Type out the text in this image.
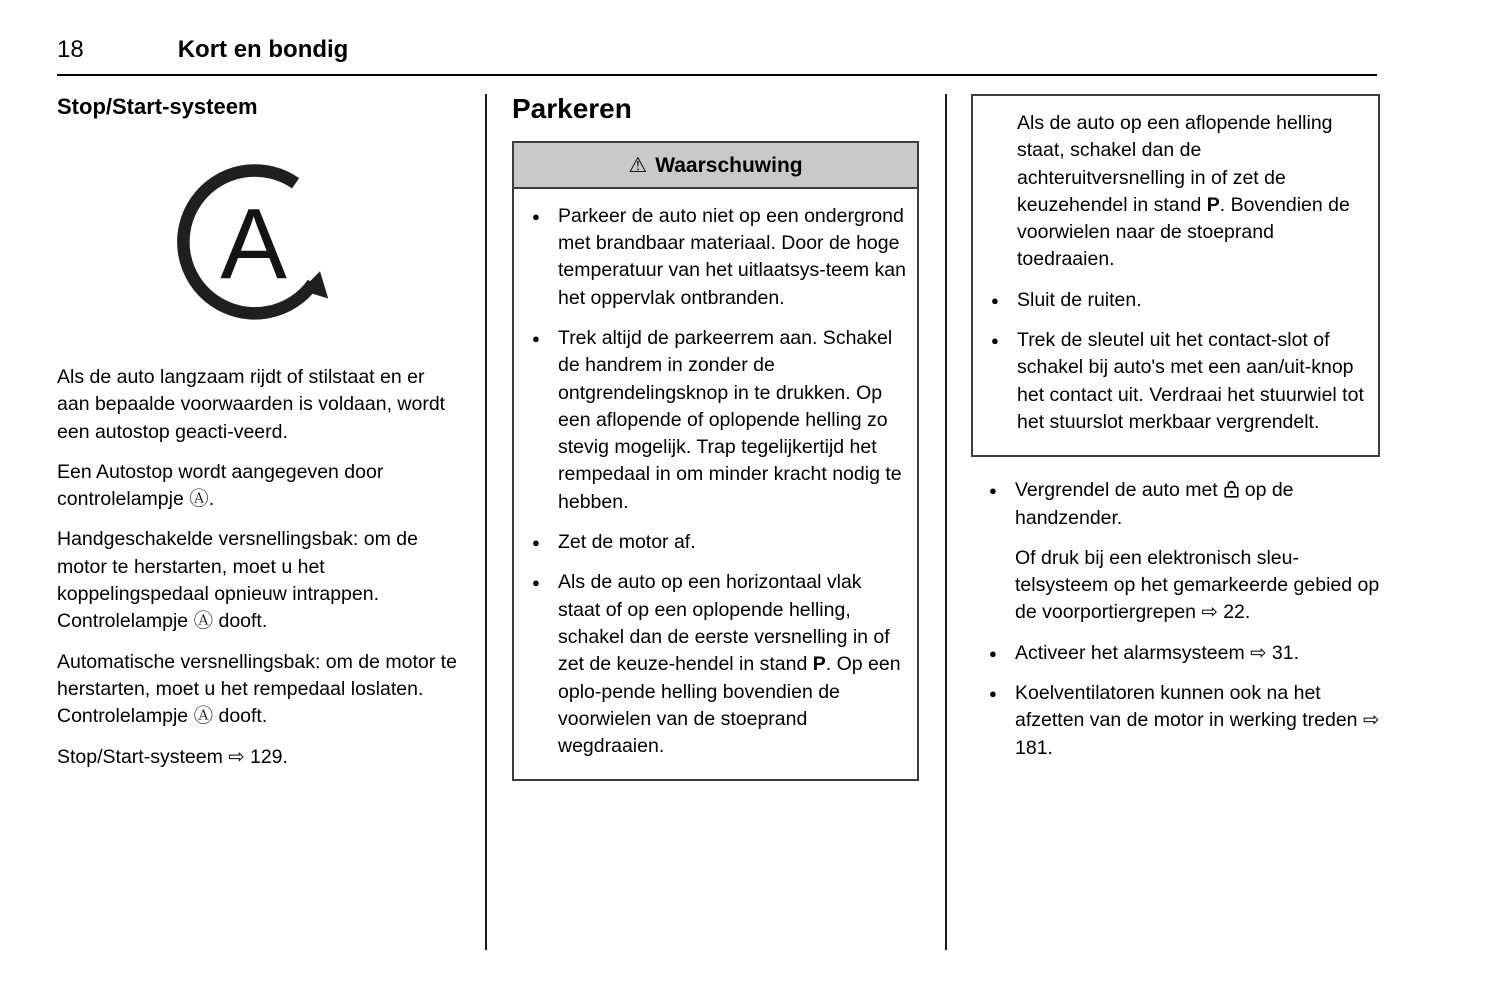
18	Kort en bondig
Stop/Start-systeem
A

Als de auto langzaam rijdt of stilstaat en er aan bepaalde voorwaarden is voldaan, wordt een autostop geacti-veerd.

Een Autostop wordt aangegeven door controlelampje Ⓐ.

Handgeschakelde versnellingsbak: om de motor te herstarten, moet u het koppelingspedaal opnieuw intrappen. Controlelampje Ⓐ dooft.

Automatische versnellingsbak: om de motor te herstarten, moet u het rempedaal loslaten. Controlelampje Ⓐ dooft.

Stop/Start-systeem ⇨ 129.

Parkeren
⚠ Waarschuwing
● Parkeer de auto niet op een ondergrond met brandbaar materiaal. Door de hoge temperatuur van het uitlaatsys-teem kan het oppervlak ontbranden.
● Trek altijd de parkeerrem aan. Schakel de handrem in zonder de ontgrendelingsknop in te drukken. Op een aflopende of oplopende helling zo stevig mogelijk. Trap tegelijkertijd het rempedaal in om minder kracht nodig te hebben.
● Zet de motor af.
● Als de auto op een horizontaal vlak staat of op een oplopende helling, schakel dan de eerste versnelling in of zet de keuze-hendel in stand P. Op een oplo-pende helling bovendien de voorwielen van de stoeprand wegdraaien.

Als de auto op een aflopende helling staat, schakel dan de achteruitversnelling in of zet de keuzehendel in stand P. Bovendien de voorwielen naar de stoeprand toedraaien.

● Sluit de ruiten.
● Trek de sleutel uit het contact-slot of schakel bij auto's met een aan/uit-knop het contact uit. Verdraai het stuurwiel tot het stuurslot merkbaar vergrendelt.
● Vergrendel de auto met op de handzender.

Of druk bij een elektronisch sleu-telsysteem op het gemarkeerde gebied op de voorportiergrepen ⇨ 22.

● Activeer het alarmsysteem ⇨ 31.
● Koelventilatoren kunnen ook na het afzetten van de motor in werking treden ⇨ 181.
